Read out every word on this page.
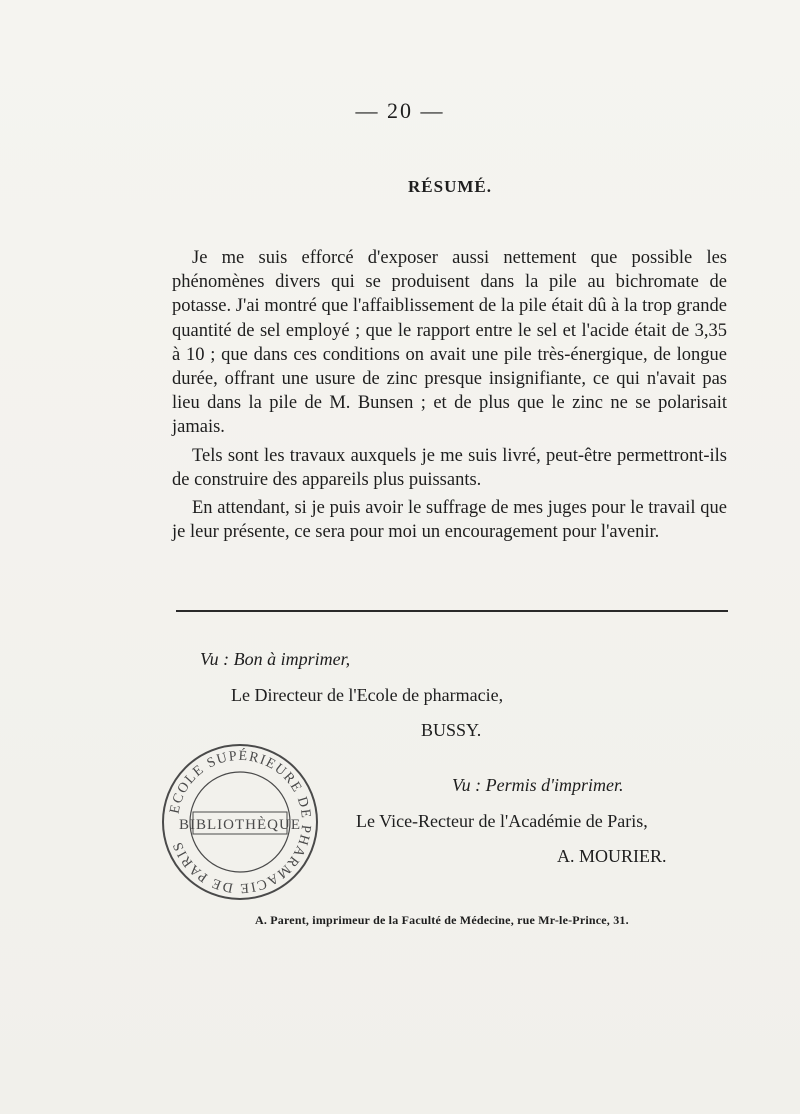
— 20 —
RÉSUMÉ.

Je me suis efforcé d'exposer aussi nettement que possible les phénomènes divers qui se produisent dans la pile au bichromate de potasse. J'ai montré que l'affaiblissement de la pile était dû à la trop grande quantité de sel employé ; que le rapport entre le sel et l'acide était de 3,35 à 10 ; que dans ces conditions on avait une pile très-énergique, de longue durée, offrant une usure de zinc presque insignifiante, ce qui n'avait pas lieu dans la pile de M. Bunsen ; et de plus que le zinc ne se polarisait jamais.

Tels sont les travaux auxquels je me suis livré, peut-être permettront-ils de construire des appareils plus puissants.

En attendant, si je puis avoir le suffrage de mes juges pour le travail que je leur présente, ce sera pour moi un encouragement pour l'avenir.

Vu : Bon à imprimer,
Le Directeur de l'Ecole de pharmacie,
BUSSY.
Vu : Permis d'imprimer.
Le Vice-Recteur de l'Académie de Paris,
A. MOURIER.
ECOLE SUPÉRIEURE DE PHARMACIE DE PARIS
BIBLIOTHÈQUE
A. Parent, imprimeur de la Faculté de Médecine, rue Mr-le-Prince, 31.
